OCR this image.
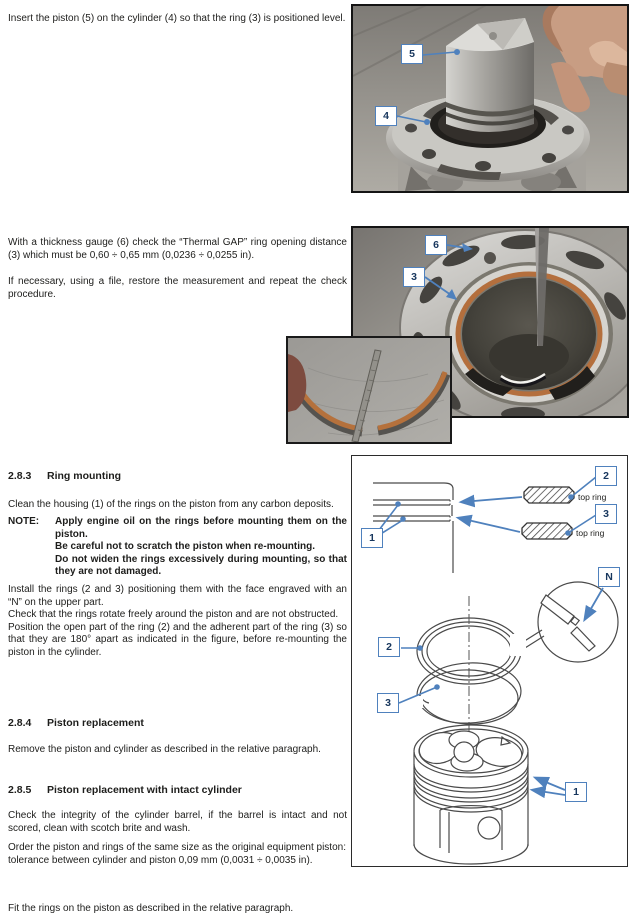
Insert the piston (5) on the cylinder (4) so that the ring (3) is positioned level.

With a thickness gauge (6) check the “Thermal GAP” ring opening distance (3) which must be 0,60 ÷ 0,65 mm (0,0236 ÷ 0,0255 in).

If necessary, using a file, restore the measurement and repeat the check procedure.

2.8.3 Ring mounting

Clean the housing (1) of the rings on the piston from any carbon deposits.

NOTE: Apply engine oil on the rings before mounting them on the piston.
Be careful not to scratch the piston when re-mounting.
Do not widen the rings excessively during mounting, so that they are not damaged.
Install the rings (2 and 3) positioning them with the face engraved with an “N” on the upper part.
Check that the rings rotate freely around the piston and are not obstructed.
Position the open part of the ring (2) and the adherent part of the ring (3) so that they are 180° apart as indicated in the figure, before re-mounting the piston in the cylinder.
2.8.4 Piston replacement

Remove the piston and cylinder as described in the relative paragraph.

2.8.5 Piston replacement with intact cylinder

Check the integrity of the cylinder barrel, if the barrel is intact and not scored, clean with scotch brite and wash.

Order the piston and rings of the same size as the original equipment piston:
tolerance between cylinder and piston 0,09 mm (0,0031 ÷ 0,0035 in).

Fit the rings on the piston as described in the relative paragraph.

5
4
6
3
1
2
3
top ring
top ring
N
2
3
1
